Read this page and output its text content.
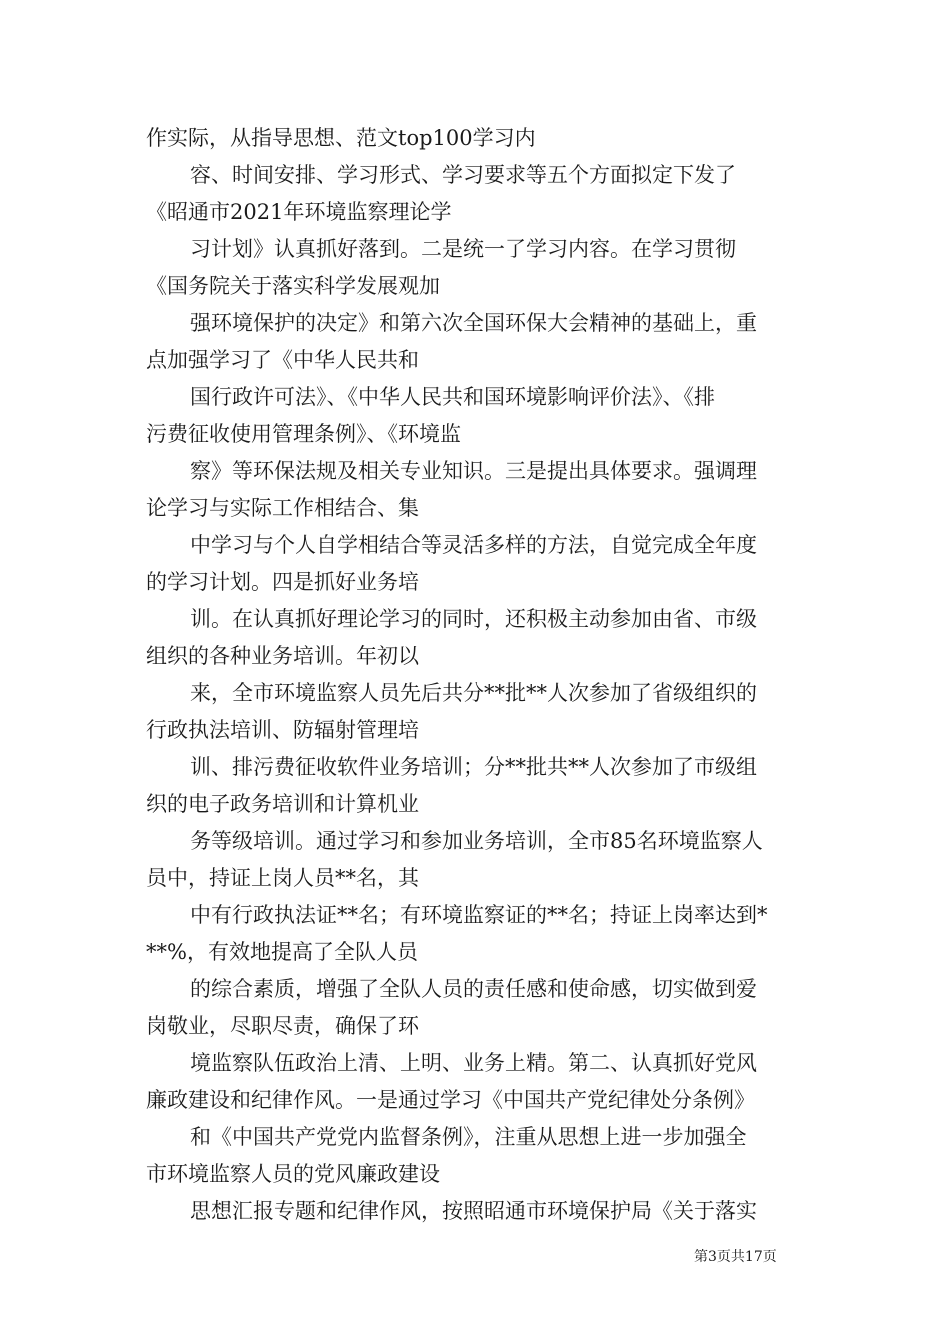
作实际，从指导思想、范文top100学习内
容、时间安排、学习形式、学习要求等五个方面拟定下发了
《昭通市2021年环境监察理论学
习计划》认真抓好落到。二是统一了学习内容。在学习贯彻
《国务院关于落实科学发展观加
强环境保护的决定》和第六次全国环保大会精神的基础上，重
点加强学习了《中华人民共和
国行政许可法》、《中华人民共和国环境影响评价法》、《排
污费征收使用管理条例》、《环境监
察》等环保法规及相关专业知识。三是提出具体要求。强调理
论学习与实际工作相结合、集
中学习与个人自学相结合等灵活多样的方法，自觉完成全年度
的学习计划。四是抓好业务培
训。在认真抓好理论学习的同时，还积极主动参加由省、市级
组织的各种业务培训。年初以
来，全市环境监察人员先后共分**批**人次参加了省级组织的
行政执法培训、防辐射管理培
训、排污费征收软件业务培训；分**批共**人次参加了市级组
织的电子政务培训和计算机业
务等级培训。通过学习和参加业务培训，全市85名环境监察人
员中，持证上岗人员**名，其
中有行政执法证**名；有环境监察证的**名；持证上岗率达到*
**%，有效地提高了全队人员
的综合素质，增强了全队人员的责任感和使命感，切实做到爱
岗敬业，尽职尽责，确保了环
境监察队伍政治上清、上明、业务上精。第二、认真抓好党风
廉政建设和纪律作风。一是通过学习《中国共产党纪律处分条例》
和《中国共产党党内监督条例》，注重从思想上进一步加强全
市环境监察人员的党风廉政建设
思想汇报专题和纪律作风，按照昭通市环境保护局《关于落实
第3页共17页
